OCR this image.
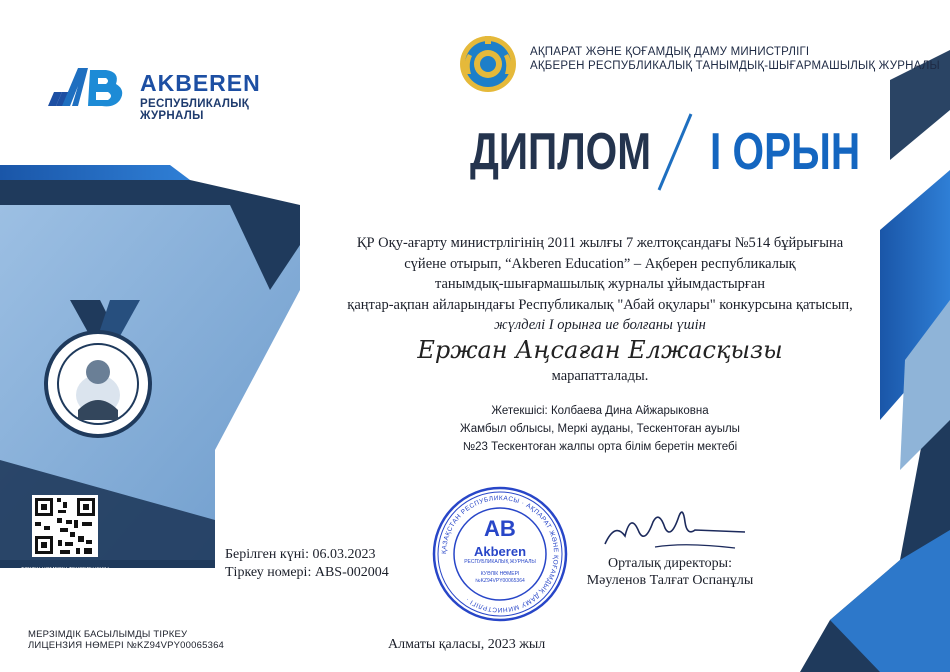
AKBEREN
РЕСПУБЛИКАЛЫҚ ЖУРНАЛЫ
АҚПАРАТ ЖӘНЕ ҚОҒАМДЫҚ ДАМУ МИНИСТРЛІГІ
АҚБЕРЕН РЕСПУБЛИКАЛЫҚ ТАНЫМДЫҚ-ШЫҒАРМАШЫЛЫҚ ЖУРНАЛЫ
ДИПЛОМ І ОРЫН
ҚР Оқу-ағарту министрлігінің 2011 жылғы 7 желтоқсандағы №514 бұйрығына
сүйене отырып, “Akberen Education” – Ақберен республикалық
танымдық-шығармашылық журналы ұйымдастырған
қаңтар-ақпан айларындағы Республикалық "Абай оқулары" конкурсына қатысып,
жүлделі І орынға ие болғаны үшін
Ержан Аңсаған Елжасқызы
марапатталады.
Жетекшісі: Колбаева Дина Айжарыковна
Жамбыл облысы, Меркі ауданы, Тескентоған ауылы
№23 Тескентоған жалпы орта білім беретін мектебі
Берілген күні: 06.03.2023
Тіркеу номері: ABS-002004
ҚАЗАҚСТАН РЕСПУБЛИКАСЫ · АҚПАРАТ ЖӘНЕ ҚОҒАМДЫҚ ДАМУ МИНИСТРЛІГІ ·
AB
Akberen
РЕСПУБЛИКАЛЫҚ ЖУРНАЛЫ
КУӘЛІК НӨМЕРІ
№KZ94VPY00065364
Орталық директоры:
Мәуленов Талғат Оспанұлы
ТІРКЕУ НӨМЕРІН ТЕКСЕРУ ҮШІН
QR КОДТЫ СКАНЕРЛЕҢІЗ
МЕРЗІМДІК БАСЫЛЫМДЫ ТІРКЕУ
ЛИЦЕНЗИЯ НӨМЕРІ №KZ94VPY00065364	Алматы қаласы, 2023 жыл
